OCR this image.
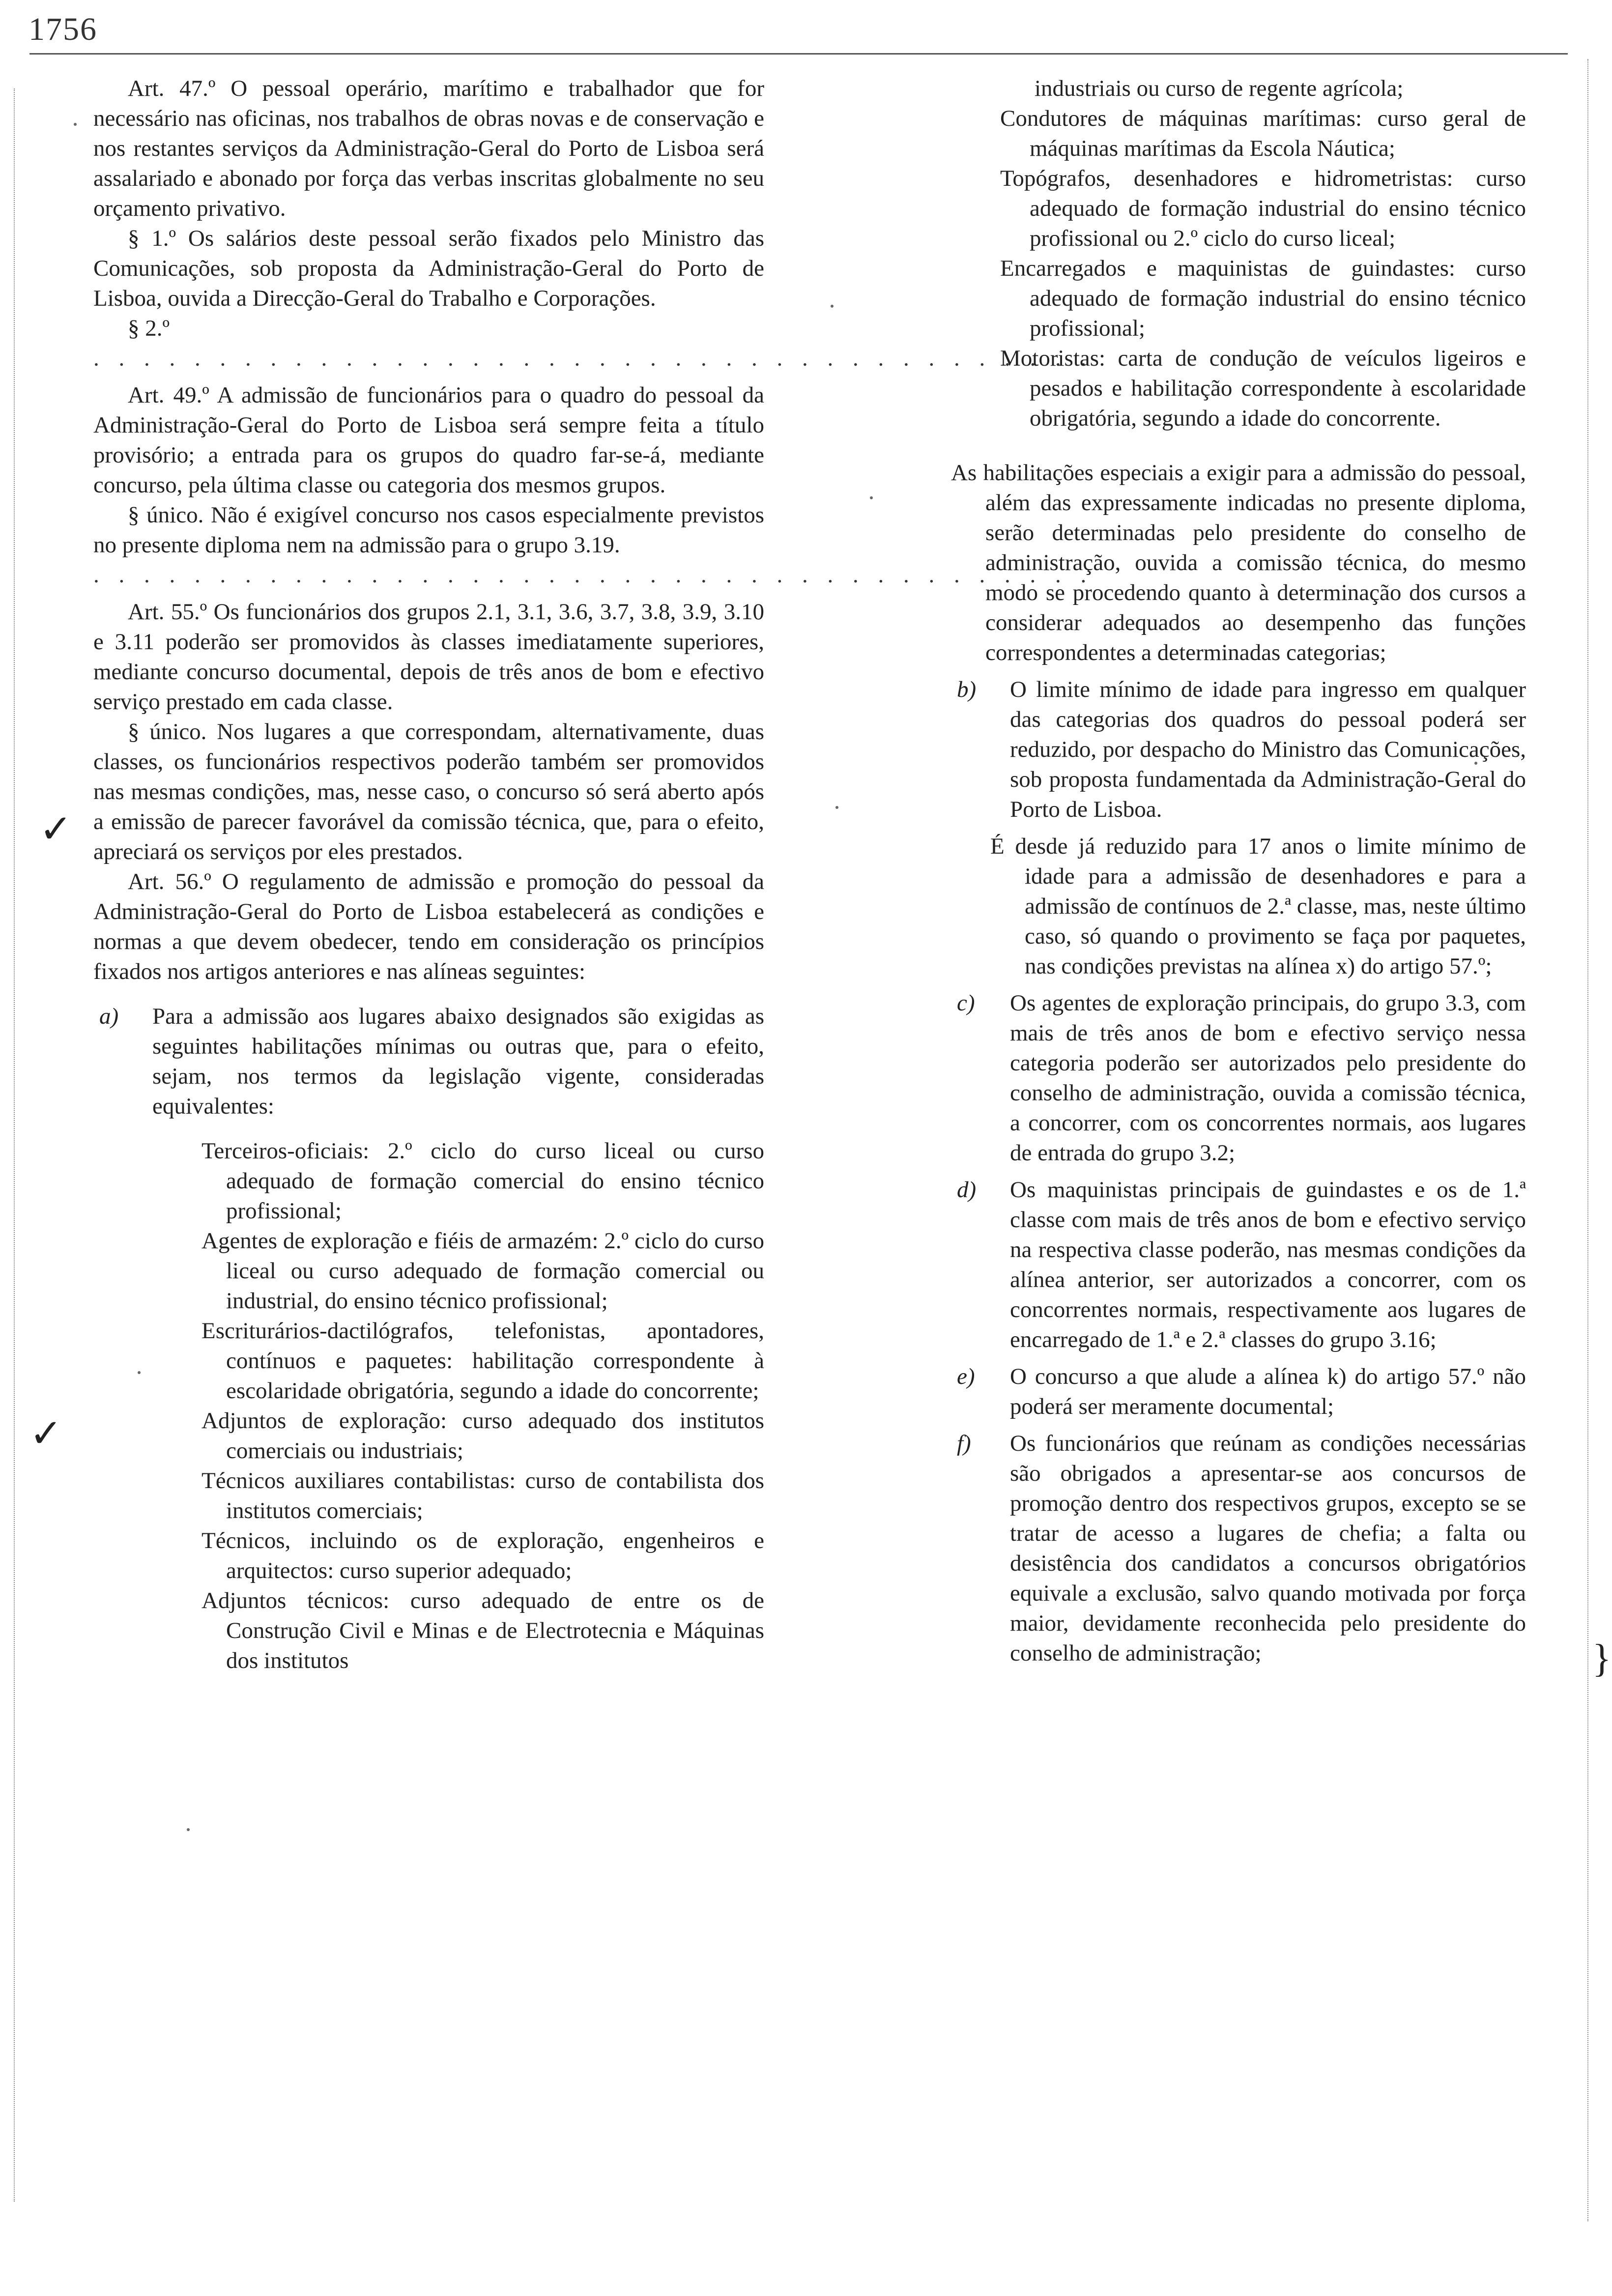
1756
✓
✓
}

Art. 47.º O pessoal operário, marítimo e trabalhador que for necessário nas oficinas, nos trabalhos de obras novas e de conservação e nos restantes serviços da Administração-Geral do Porto de Lisboa será assalariado e abonado por força das verbas inscritas globalmente no seu orçamento privativo.

§ 1.º Os salários deste pessoal serão fixados pelo Ministro das Comunicações, sob proposta da Administração-Geral do Porto de Lisboa, ouvida a Direcção-Geral do Trabalho e Corporações.

§ 2.º

. . . . . . . . . . . . . . . . . . . . . . . . . . . . . . . . . . . . . . . .

Art. 49.º A admissão de funcionários para o quadro do pessoal da Administração-Geral do Porto de Lisboa será sempre feita a título provisório; a entrada para os grupos do quadro far-se-á, mediante concurso, pela última classe ou categoria dos mesmos grupos.

§ único. Não é exigível concurso nos casos especialmente previstos no presente diploma nem na admissão para o grupo 3.19.

. . . . . . . . . . . . . . . . . . . . . . . . . . . . . . . . . . . . . . . .

Art. 55.º Os funcionários dos grupos 2.1, 3.1, 3.6, 3.7, 3.8, 3.9, 3.10 e 3.11 poderão ser promovidos às classes imediatamente superiores, mediante concurso documental, depois de três anos de bom e efectivo serviço prestado em cada classe.

§ único. Nos lugares a que correspondam, alternativamente, duas classes, os funcionários respectivos poderão também ser promovidos nas mesmas condições, mas, nesse caso, o concurso só será aberto após a emissão de parecer favorável da comissão técnica, que, para o efeito, apreciará os serviços por eles prestados.

Art. 56.º O regulamento de admissão e promoção do pessoal da Administração-Geral do Porto de Lisboa estabelecerá as condições e normas a que devem obedecer, tendo em consideração os princípios fixados nos artigos anteriores e nas alíneas seguintes:

a) Para a admissão aos lugares abaixo designados são exigidas as seguintes habilitações mínimas ou outras que, para o efeito, sejam, nos termos da legislação vigente, consideradas equivalentes:

Terceiros-oficiais: 2.º ciclo do curso liceal ou curso adequado de formação comercial do ensino técnico profissional;

Agentes de exploração e fiéis de armazém: 2.º ciclo do curso liceal ou curso adequado de formação comercial ou industrial, do ensino técnico profissional;

Escriturários-dactilógrafos, telefonistas, apontadores, contínuos e paquetes: habilitação correspondente à escolaridade obrigatória, segundo a idade do concorrente;

Adjuntos de exploração: curso adequado dos institutos comerciais ou industriais;

Técnicos auxiliares contabilistas: curso de contabilista dos institutos comerciais;

Técnicos, incluindo os de exploração, engenheiros e arquitectos: curso superior adequado;

Adjuntos técnicos: curso adequado de entre os de Construção Civil e Minas e de Electrotecnia e Máquinas dos institutos

industriais ou curso de regente agrícola;

Condutores de máquinas marítimas: curso geral de máquinas marítimas da Escola Náutica;

Topógrafos, desenhadores e hidrometristas: curso adequado de formação industrial do ensino técnico profissional ou 2.º ciclo do curso liceal;

Encarregados e maquinistas de guindastes: curso adequado de formação industrial do ensino técnico profissional;

Motoristas: carta de condução de veículos ligeiros e pesados e habilitação correspondente à escolaridade obrigatória, segundo a idade do concorrente.

As habilitações especiais a exigir para a admissão do pessoal, além das expressamente indicadas no presente diploma, serão determinadas pelo presidente do conselho de administração, ouvida a comissão técnica, do mesmo modo se procedendo quanto à determinação dos cursos a considerar adequados ao desempenho das funções correspondentes a determinadas categorias;

b) O limite mínimo de idade para ingresso em qualquer das categorias dos quadros do pessoal poderá ser reduzido, por despacho do Ministro das Comunicações, sob proposta fundamentada da Administração-Geral do Porto de Lisboa.

É desde já reduzido para 17 anos o limite mínimo de idade para a admissão de desenhadores e para a admissão de contínuos de 2.ª classe, mas, neste último caso, só quando o provimento se faça por paquetes, nas condições previstas na alínea x) do artigo 57.º;

c) Os agentes de exploração principais, do grupo 3.3, com mais de três anos de bom e efectivo serviço nessa categoria poderão ser autorizados pelo presidente do conselho de administração, ouvida a comissão técnica, a concorrer, com os concorrentes normais, aos lugares de entrada do grupo 3.2;

d) Os maquinistas principais de guindastes e os de 1.ª classe com mais de três anos de bom e efectivo serviço na respectiva classe poderão, nas mesmas condições da alínea anterior, ser autorizados a concorrer, com os concorrentes normais, respectivamente aos lugares de encarregado de 1.ª e 2.ª classes do grupo 3.16;

e) O concurso a que alude a alínea k) do artigo 57.º não poderá ser meramente documental;

f) Os funcionários que reúnam as condições necessárias são obrigados a apresentar-se aos concursos de promoção dentro dos respectivos grupos, excepto se se tratar de acesso a lugares de chefia; a falta ou desistência dos candidatos a concursos obrigatórios equivale a exclusão, salvo quando motivada por força maior, devidamente reconhecida pelo presidente do conselho de administração;
